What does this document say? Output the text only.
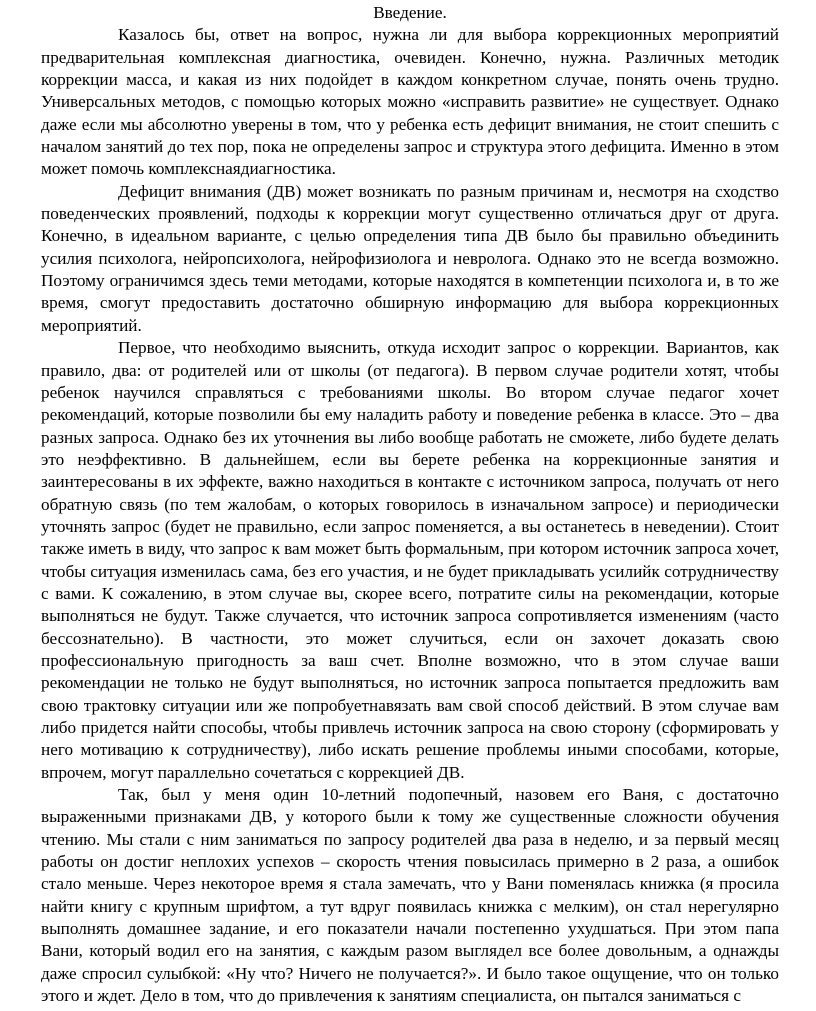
Введение.

Казалось бы, ответ на вопрос, нужна ли для выбора коррекционных мероприятий предварительная комплексная диагностика, очевиден. Конечно, нужна. Различных методик коррекции масса, и какая из них подойдет в каждом конкретном случае, понять очень трудно. Универсальных методов, с помощью которых можно «исправить развитие» не существует. Однако даже если мы абсолютно уверены в том, что у ребенка есть дефицит внимания, не стоит спешить с началом занятий до тех пор, пока не определены запрос и структура этого дефицита. Именно в этом может помочь комплекснаядиагностика.

Дефицит внимания (ДВ) может возникать по разным причинам и, несмотря на сходство поведенческих проявлений, подходы к коррекции могут существенно отличаться друг от друга. Конечно, в идеальном варианте, с целью определения типа ДВ было бы правильно объединить усилия психолога, нейропсихолога, нейрофизиолога и невролога. Однако это не всегда возможно. Поэтому ограничимся здесь теми методами, которые находятся в компетенции психолога и, в то же время, смогут предоставить достаточно обширную информацию для выбора коррекционных мероприятий.

Первое, что необходимо выяснить, откуда исходит запрос о коррекции. Вариантов, как правило, два: от родителей или от школы (от педагога). В первом случае родители хотят, чтобы ребенок научился справляться с требованиями школы. Во втором случае педагог хочет рекомендаций, которые позволили бы ему наладить работу и поведение ребенка в классе. Это – два разных запроса. Однако без их уточнения вы либо вообще работать не сможете, либо будете делать это неэффективно. В дальнейшем, если вы берете ребенка на коррекционные занятия и заинтересованы в их эффекте, важно находиться в контакте с источником запроса, получать от него обратную связь (по тем жалобам, о которых говорилось в изначальном запросе) и периодически уточнять запрос (будет не правильно, если запрос поменяется, а вы останетесь в неведении). Стоит также иметь в виду, что запрос к вам может быть формальным, при котором источник запроса хочет, чтобы ситуация изменилась сама, без его участия, и не будет прикладывать усилийк сотрудничеству с вами. К сожалению, в этом случае вы, скорее всего, потратите силы на рекомендации, которые выполняться не будут. Также случается, что источник запроса сопротивляется изменениям (часто бессознательно). В частности, это может случиться, если он захочет доказать свою профессиональную пригодность за ваш счет. Вполне возможно, что в этом случае ваши рекомендации не только не будут выполняться, но источник запроса попытается предложить вам свою трактовку ситуации или же попробуетнавязать вам свой способ действий. В этом случае вам либо придется найти способы, чтобы привлечь источник запроса на свою сторону (сформировать у него мотивацию к сотрудничеству), либо искать решение проблемы иными способами, которые, впрочем, могут параллельно сочетаться с коррекцией ДВ.

Так, был у меня один 10-летний подопечный, назовем его Ваня, с достаточно выраженными признаками ДВ, у которого были к тому же существенные сложности обучения чтению. Мы стали с ним заниматься по запросу родителей два раза в неделю, и за первый месяц работы он достиг неплохих успехов – скорость чтения повысилась примерно в 2 раза, а ошибок стало меньше. Через некоторое время я стала замечать, что у Вани поменялась книжка (я просила найти книгу с крупным шрифтом, а тут вдруг появилась книжка с мелким), он стал нерегулярно выполнять домашнее задание, и его показатели начали постепенно ухудшаться. При этом папа Вани, который водил его на занятия, с каждым разом выглядел все более довольным, а однажды даже спросил сулыбкой: «Ну что? Ничего не получается?». И было такое ощущение, что он только этого и ждет. Дело в том, что до привлечения к занятиям специалиста, он пытался заниматься с
